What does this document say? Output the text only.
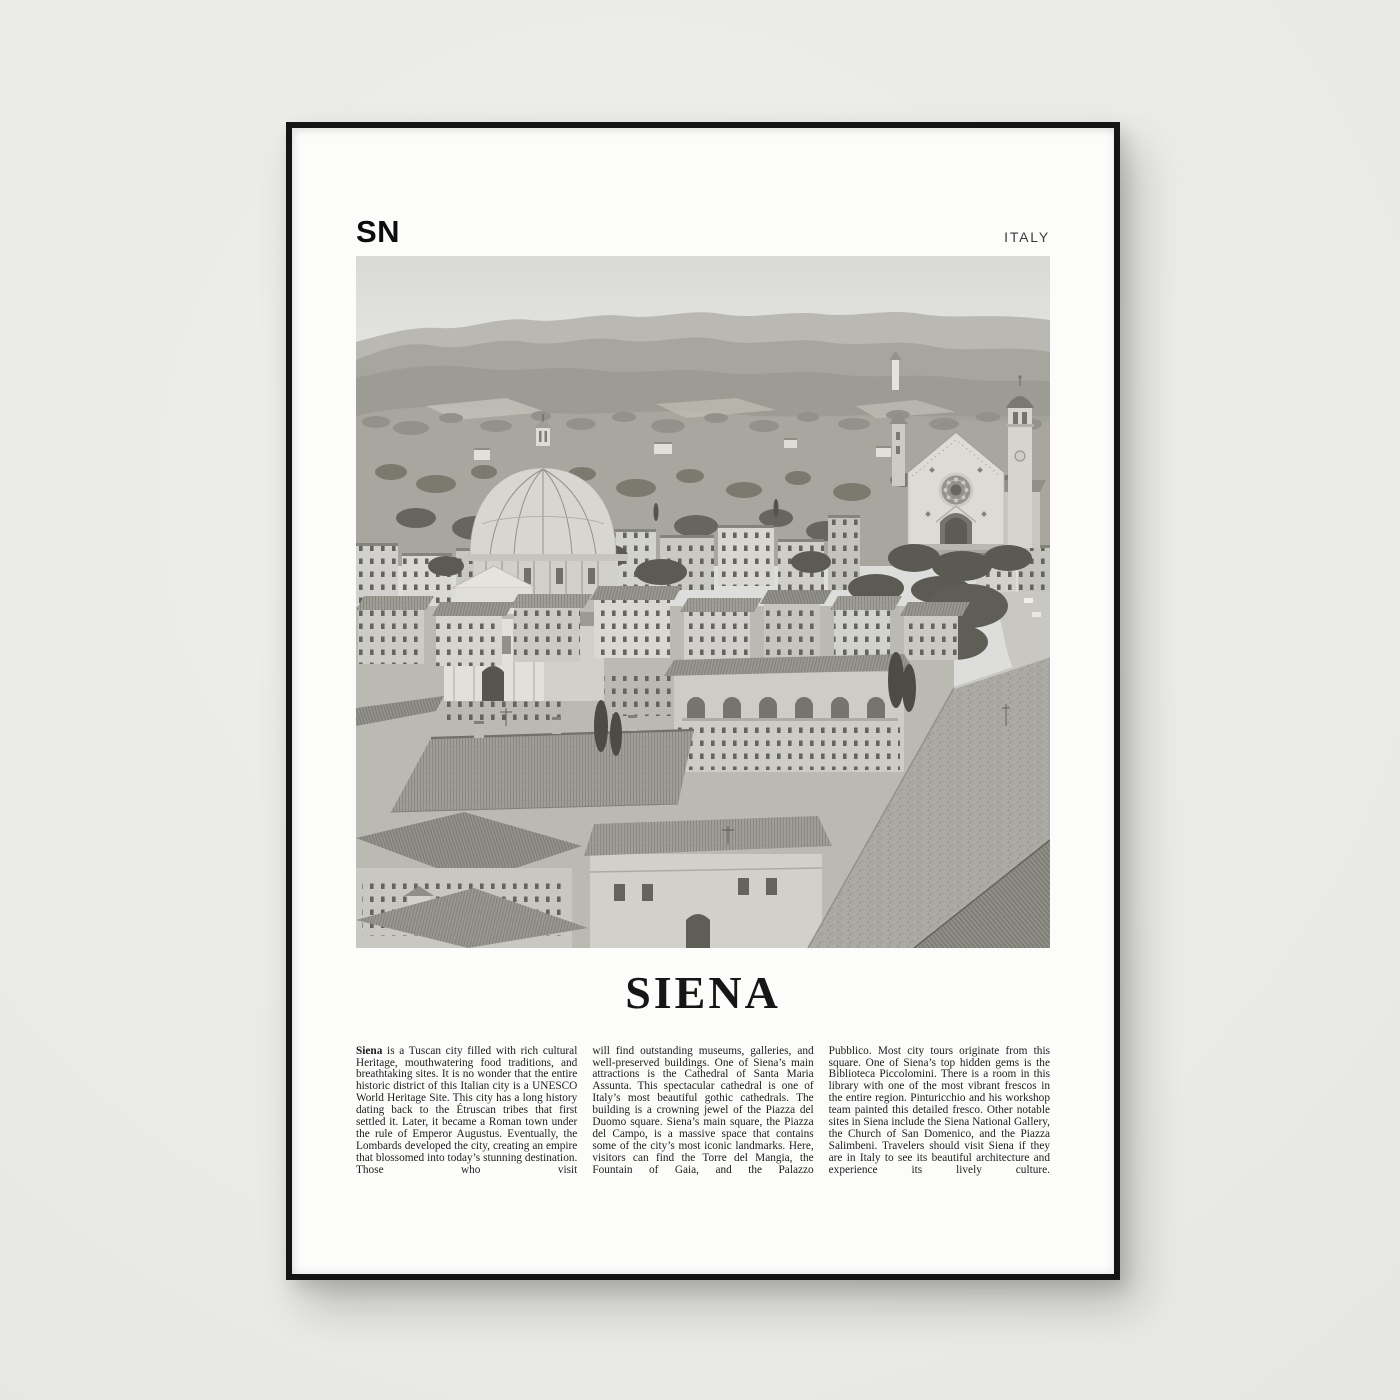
SN	ITALY
SIENA

Siena is a Tuscan city filled with rich cultural Heritage, mouthwatering food traditions, and breathtaking sites. It is no wonder that the entire historic district of this Italian city is a UNESCO World Heritage Site. This city has a long history dating back to the Étruscan tribes that first settled it. Later, it became a Roman town under the rule of Emperor Augustus. Eventually, the Lombards developed the city, creating an empire that blossomed into today’s stunning destination. Those who visit

will find outstanding museums, galleries, and well-preserved buildings. One of Siena’s main attractions is the Cathedral of Santa Maria Assunta. This spectacular cathedral is one of Italy’s most beautiful gothic cathedrals. The building is a crowning jewel of the Piazza del Duomo square. Siena’s main square, the Piazza del Campo, is a massive space that contains some of the city’s most iconic landmarks. Here, visitors can find the Torre del Mangia, the Fountain of Gaia, and the Palazzo

Pubblico. Most city tours originate from this square. One of Siena’s top hidden gems is the Biblioteca Piccolomini. There is a room in this library with one of the most vibrant frescos in the entire region. Pinturicchio and his workshop team painted this detailed fresco. Other notable sites in Siena include the Siena National Gallery, the Church of San Domenico, and the Piazza Salimbeni. Travelers should visit Siena if they are in Italy to see its beautiful architecture and experience its lively culture.
